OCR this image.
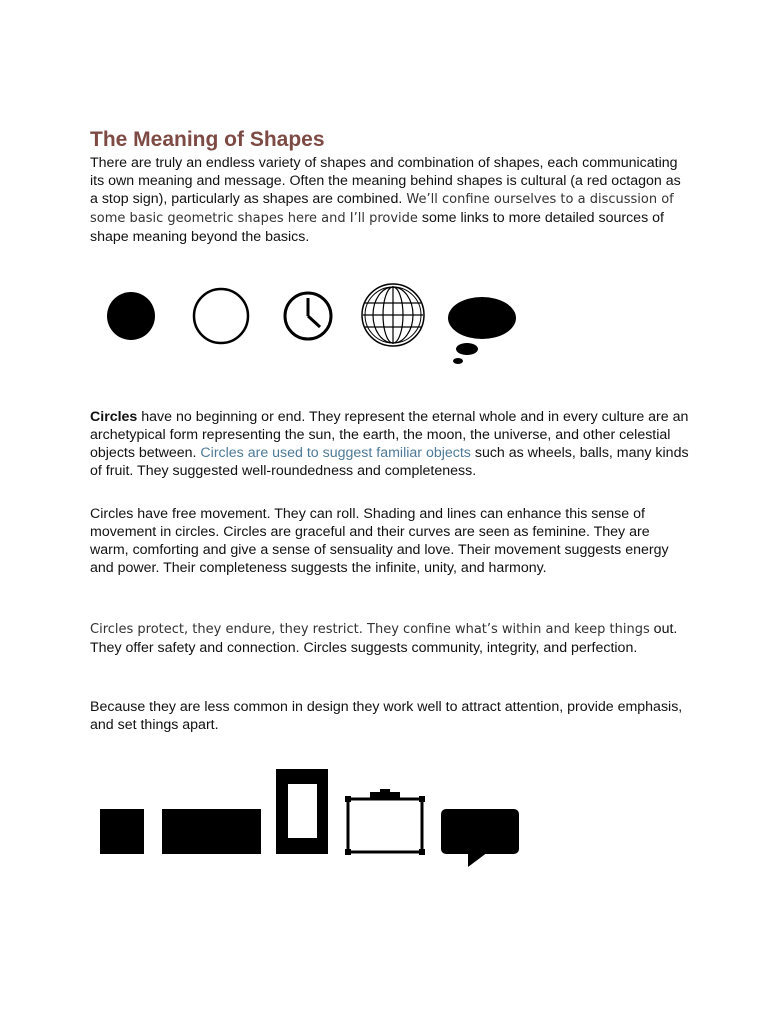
The Meaning of Shapes

There are truly an endless variety of shapes and combination of shapes, each communicating its own meaning and message. Often the meaning behind shapes is cultural (a red octagon as a stop sign), particularly as shapes are combined. We’ll confine ourselves to a discussion of some basic geometric shapes here and I’ll provide some links to more detailed sources of shape meaning beyond the basics.

Circles have no beginning or end. They represent the eternal whole and in every culture are an archetypical form representing the sun, the earth, the moon, the universe, and other celestial objects between. Circles are used to suggest familiar objects such as wheels, balls, many kinds of fruit. They suggested well-roundedness and completeness.

Circles have free movement. They can roll. Shading and lines can enhance this sense of movement in circles. Circles are graceful and their curves are seen as feminine. They are warm, comforting and give a sense of sensuality and love. Their movement suggests energy and power. Their completeness suggests the infinite, unity, and harmony.

Circles protect, they endure, they restrict. They confine what’s within and keep things out. They offer safety and connection. Circles suggests community, integrity, and perfection.

Because they are less common in design they work well to attract attention, provide emphasis, and set things apart.
